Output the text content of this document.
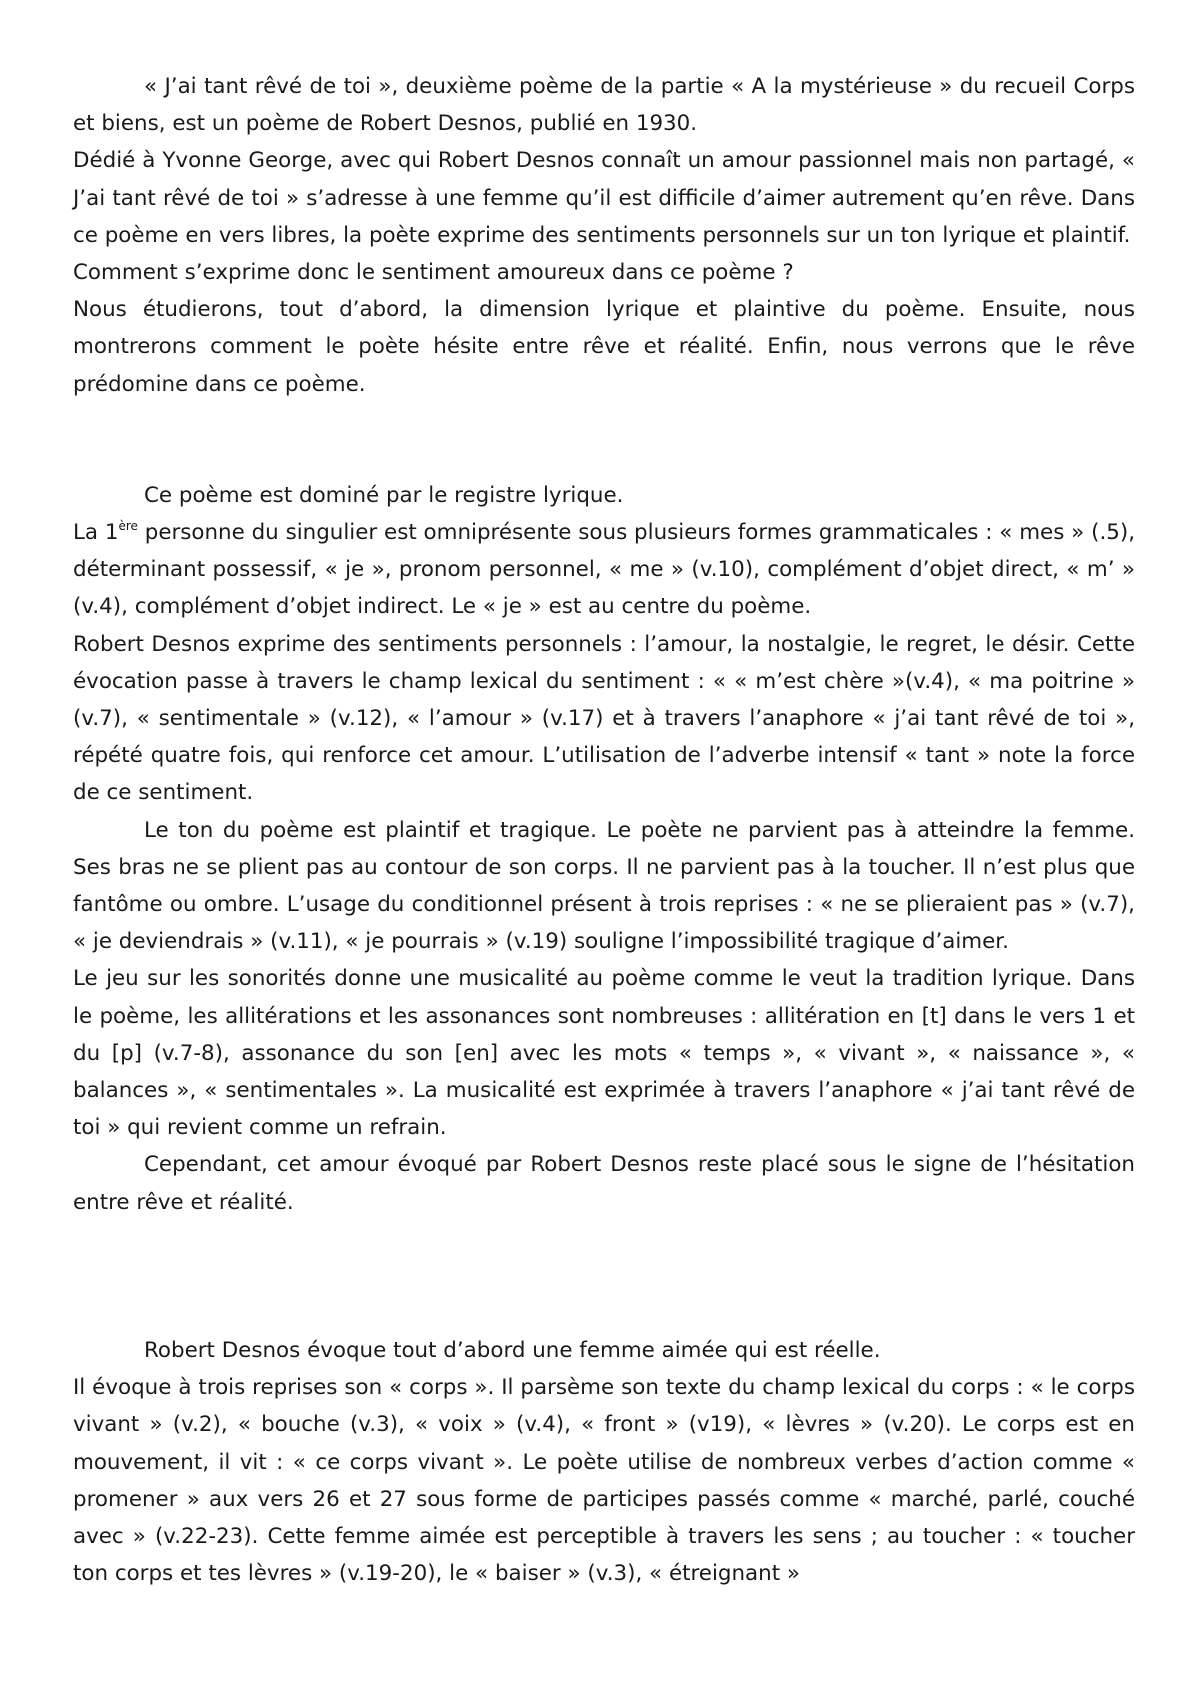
« J’ai tant rêvé de toi », deuxième poème de la partie « A la mystérieuse » du recueil Corps et biens, est un poème de Robert Desnos, publié en 1930.

Dédié à Yvonne George, avec qui Robert Desnos connaît un amour passionnel mais non partagé, « J’ai tant rêvé de toi » s’adresse à une femme qu’il est difficile d’aimer autrement qu’en rêve. Dans ce poème en vers libres, la poète exprime des sentiments personnels sur un ton lyrique et plaintif.

Comment s’exprime donc le sentiment amoureux dans ce poème ?

Nous étudierons, tout d’abord, la dimension lyrique et plaintive du poème. Ensuite, nous montrerons comment le poète hésite entre rêve et réalité. Enfin, nous verrons que le rêve prédomine dans ce poème.

Ce poème est dominé par le registre lyrique.

La 1ère personne du singulier est omniprésente sous plusieurs formes grammaticales : « mes » (.5), déterminant possessif, « je », pronom personnel, « me » (v.10), complément d’objet direct, « m’ » (v.4), complément d’objet indirect. Le « je » est au centre du poème.

Robert Desnos exprime des sentiments personnels : l’amour, la nostalgie, le regret, le désir. Cette évocation passe à travers le champ lexical du sentiment : « « m’est chère »(v.4), « ma poitrine » (v.7), « sentimentale » (v.12), « l’amour » (v.17) et à travers l’anaphore « j’ai tant rêvé de toi », répété quatre fois, qui renforce cet amour. L’utilisation de l’adverbe intensif « tant » note la force de ce sentiment.

Le ton du poème est plaintif et tragique. Le poète ne parvient pas à atteindre la femme. Ses bras ne se plient pas au contour de son corps. Il ne parvient pas à la toucher. Il n’est plus que fantôme ou ombre. L’usage du conditionnel présent à trois reprises : « ne se plieraient pas » (v.7), « je deviendrais » (v.11), « je pourrais » (v.19) souligne l’impossibilité tragique d’aimer.

Le jeu sur les sonorités donne une musicalité au poème comme le veut la tradition lyrique. Dans le poème, les allitérations et les assonances sont nombreuses : allitération en [t] dans le vers 1 et du [p] (v.7-8), assonance du son [en] avec les mots « temps », « vivant », « naissance », « balances », « sentimentales ». La musicalité est exprimée à travers l’anaphore « j’ai tant rêvé de toi » qui revient comme un refrain.

Cependant, cet amour évoqué par Robert Desnos reste placé sous le signe de l’hésitation entre rêve et réalité.

Robert Desnos évoque tout d’abord une femme aimée qui est réelle.

Il évoque à trois reprises son « corps ». Il parsème son texte du champ lexical du corps : « le corps vivant » (v.2), « bouche (v.3), « voix » (v.4), « front » (v19), « lèvres » (v.20). Le corps est en mouvement, il vit : « ce corps vivant ». Le poète utilise de nombreux verbes d’action comme « promener » aux vers 26 et 27 sous forme de participes passés comme « marché, parlé, couché avec » (v.22-23). Cette femme aimée est perceptible à travers les sens ; au toucher : « toucher ton corps et tes lèvres » (v.19-20), le « baiser » (v.3), « étreignant »
